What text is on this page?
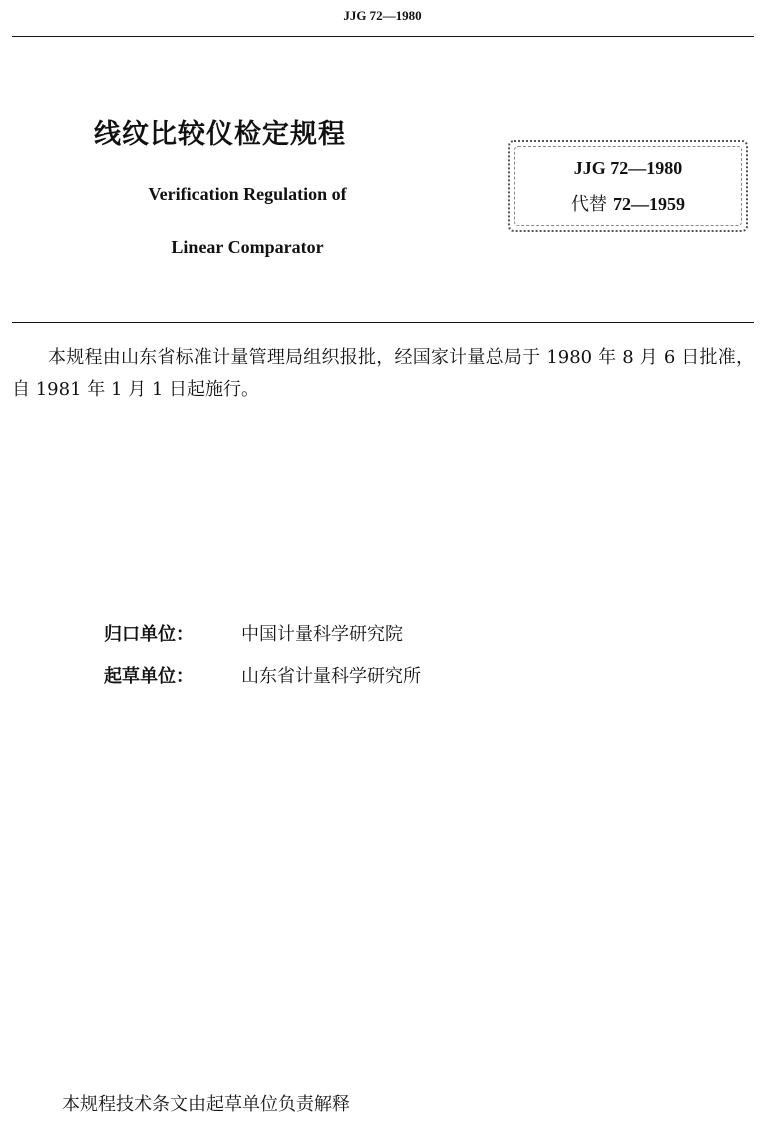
JJG 72—1980
线纹比较仪检定规程
Verification Regulation of
Linear Comparator
JJG 72—1980
代替 72—1959
本规程由山东省标准计量管理局组织报批，经国家计量总局于 1980 年 8 月 6 日批准，自 1981 年 1 月 1 日起施行。
归口单位：	中国计量科学研究院
起草单位：	山东省计量科学研究所
本规程技术条文由起草单位负责解释
